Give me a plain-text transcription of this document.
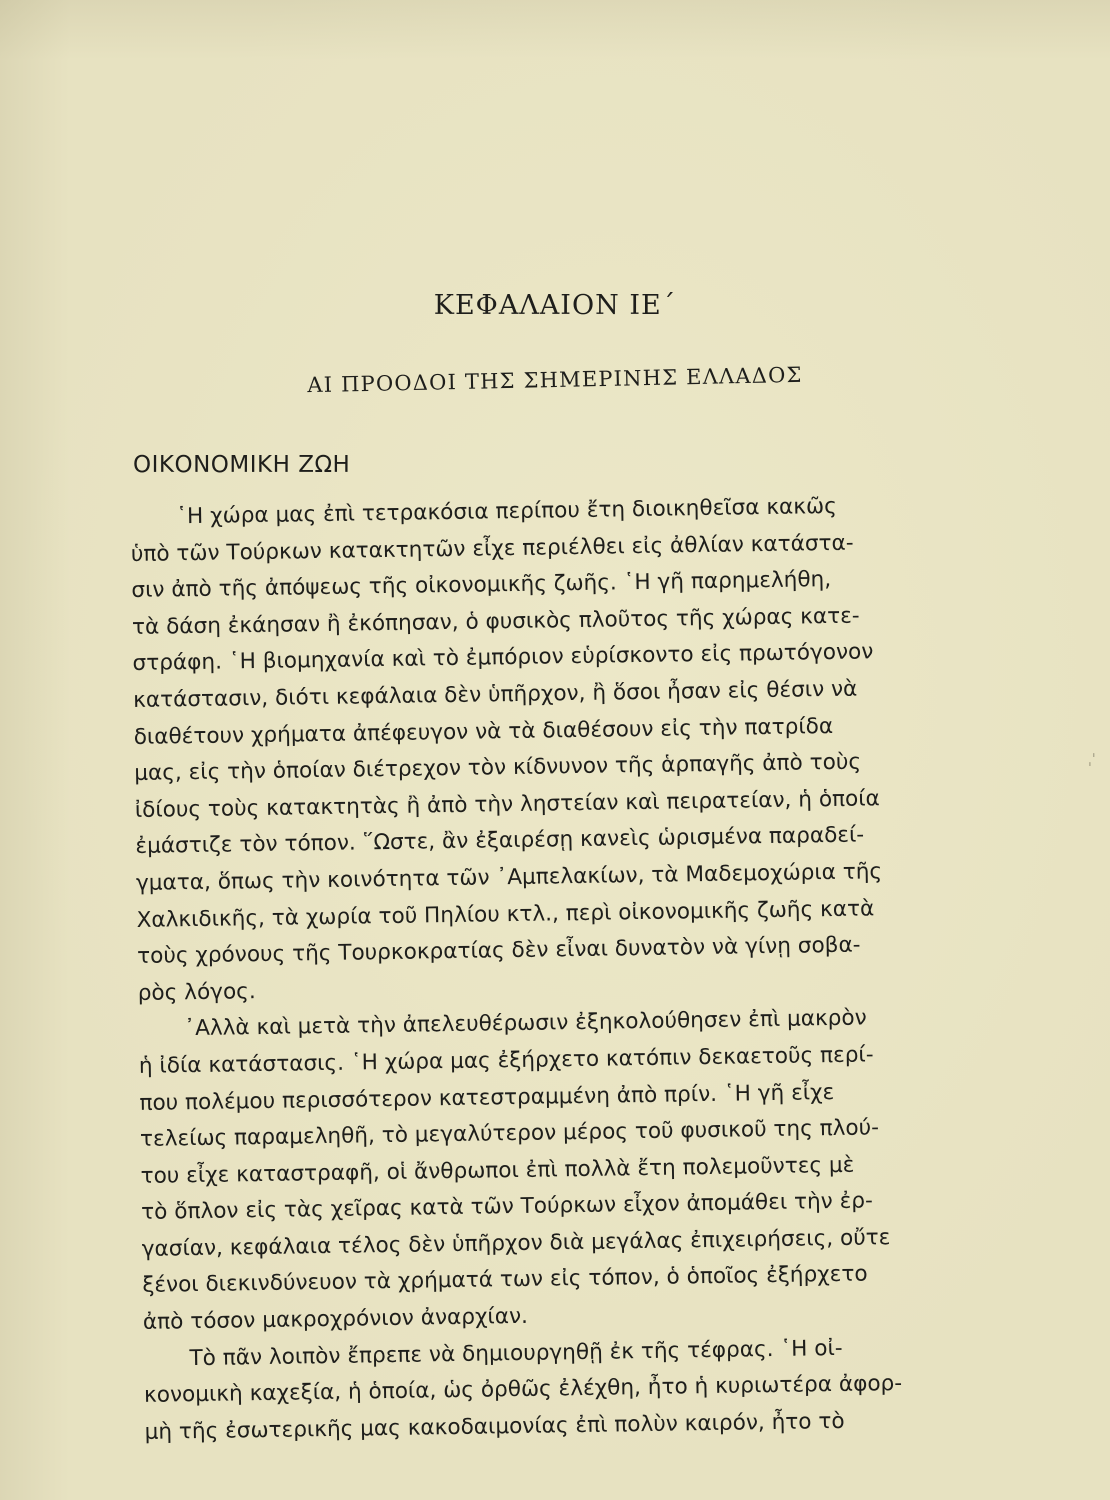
ΚΕΦΑΛΑΙΟΝ ΙΕ΄
ΑΙ ΠΡΟΟΔΟΙ ΤΗΣ ΣΗΜΕΡΙΝΗΣ ΕΛΛΑΔΟΣ
ΟΙΚΟΝΟΜΙΚΗ ΖΩΗ
῾Η χώρα μας ἐπὶ τετρακόσια περίπου ἔτη διοικηθεῖσα κακῶς
ὑπὸ τῶν Τούρκων κατακτητῶν εἶχε περιέλθει εἰς ἀθλίαν κατάστα-
σιν ἀπὸ τῆς ἀπόψεως τῆς οἰκονομικῆς ζωῆς. ῾Η γῆ παρημελήθη,
τὰ δάση ἐκάησαν ἢ ἐκόπησαν, ὁ φυσικὸς πλοῦτος τῆς χώρας κατε-
στράφη. ῾Η βιομηχανία καὶ τὸ ἐμπόριον εὑρίσκοντο εἰς πρωτόγονον
κατάστασιν, διότι κεφάλαια δὲν ὑπῆρχον, ἢ ὅσοι ἦσαν εἰς θέσιν νὰ
διαθέτουν χρήματα ἀπέφευγον νὰ τὰ διαθέσουν εἰς τὴν πατρίδα
μας, εἰς τὴν ὁποίαν διέτρεχον τὸν κίδνυνον τῆς ἁρπαγῆς ἀπὸ τοὺς
ἰδίους τοὺς κατακτητὰς ἢ ἀπὸ τὴν ληστείαν καὶ πειρατείαν, ἡ ὁποία
ἐμάστιζε τὸν τόπον. ῞Ωστε, ἂν ἐξαιρέσῃ κανεὶς ὡρισμένα παραδεί-
γματα, ὅπως τὴν κοινότητα τῶν ᾿Αμπελακίων, τὰ Μαδεμοχώρια τῆς
Χαλκιδικῆς, τὰ χωρία τοῦ Πηλίου κτλ., περὶ οἰκονομικῆς ζωῆς κατὰ
τοὺς χρόνους τῆς Τουρκοκρατίας δὲν εἶναι δυνατὸν νὰ γίνῃ σοβα-
ρὸς λόγος.
᾿Αλλὰ καὶ μετὰ τὴν ἀπελευθέρωσιν ἐξηκολούθησεν ἐπὶ μακρὸν
ἡ ἰδία κατάστασις. ῾Η χώρα μας ἐξήρχετο κατόπιν δεκαετοῦς περί-
που πολέμου περισσότερον κατεστραμμένη ἀπὸ πρίν. ῾Η γῆ εἶχε
τελείως παραμεληθῆ, τὸ μεγαλύτερον μέρος τοῦ φυσικοῦ της πλού-
του εἶχε καταστραφῆ, οἱ ἄνθρωποι ἐπὶ πολλὰ ἔτη πολεμοῦντες μὲ
τὸ ὅπλον εἰς τὰς χεῖρας κατὰ τῶν Τούρκων εἶχον ἀπομάθει τὴν ἐρ-
γασίαν, κεφάλαια τέλος δὲν ὑπῆρχον διὰ μεγάλας ἐπιχειρήσεις, οὔτε
ξένοι διεκινδύνευον τὰ χρήματά των εἰς τόπον, ὁ ὁποῖος ἐξήρχετο
ἀπὸ τόσον μακροχρόνιον ἀναρχίαν.
Τὸ πᾶν λοιπὸν ἔπρεπε νὰ δημιουργηθῇ ἐκ τῆς τέφρας. ῾Η οἰ-
κονομικὴ καχεξία, ἡ ὁποία, ὡς ὀρθῶς ἐλέχθη, ἦτο ἡ κυριωτέρα ἀφορ-
μὴ τῆς ἐσωτερικῆς μας κακοδαιμονίας ἐπὶ πολὺν καιρόν, ἦτο τὸ
ˌˈ
